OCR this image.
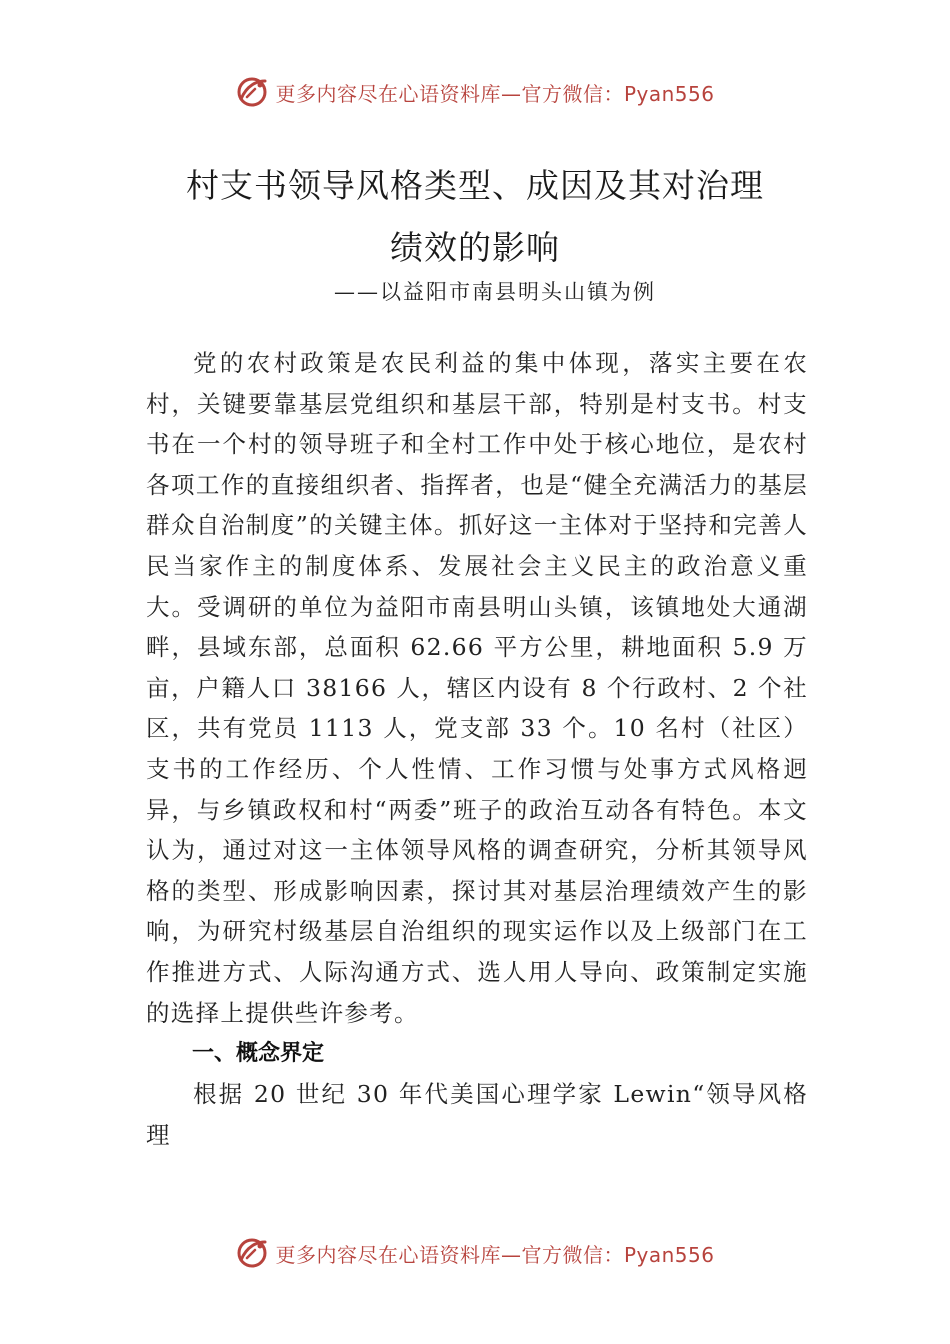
更多内容尽在心语资料库—官方微信：Pyan556
村支书领导风格类型、成因及其对治理
绩效的影响
——以益阳市南县明头山镇为例

党的农村政策是农民利益的集中体现，落实主要在农村，关键要靠基层党组织和基层干部，特别是村支书。村支书在一个村的领导班子和全村工作中处于核心地位，是农村各项工作的直接组织者、指挥者，也是“健全充满活力的基层群众自治制度”的关键主体。抓好这一主体对于坚持和完善人民当家作主的制度体系、发展社会主义民主的政治意义重大。受调研的单位为益阳市南县明山头镇，该镇地处大通湖畔，县域东部，总面积 62.66 平方公里，耕地面积 5.9 万亩，户籍人口 38166 人，辖区内设有 8 个行政村、2 个社区，共有党员 1113 人，党支部 33 个。10 名村（社区）支书的工作经历、个人性情、工作习惯与处事方式风格迥异，与乡镇政权和村“两委”班子的政治互动各有特色。本文认为，通过对这一主体领导风格的调查研究，分析其领导风格的类型、形成影响因素，探讨其对基层治理绩效产生的影响，为研究村级基层自治组织的现实运作以及上级部门在工作推进方式、人际沟通方式、选人用人导向、政策制定实施的选择上提供些许参考。

一、概念界定

根据 20 世纪 30 年代美国心理学家 Lewin“领导风格理

更多内容尽在心语资料库—官方微信：Pyan556
